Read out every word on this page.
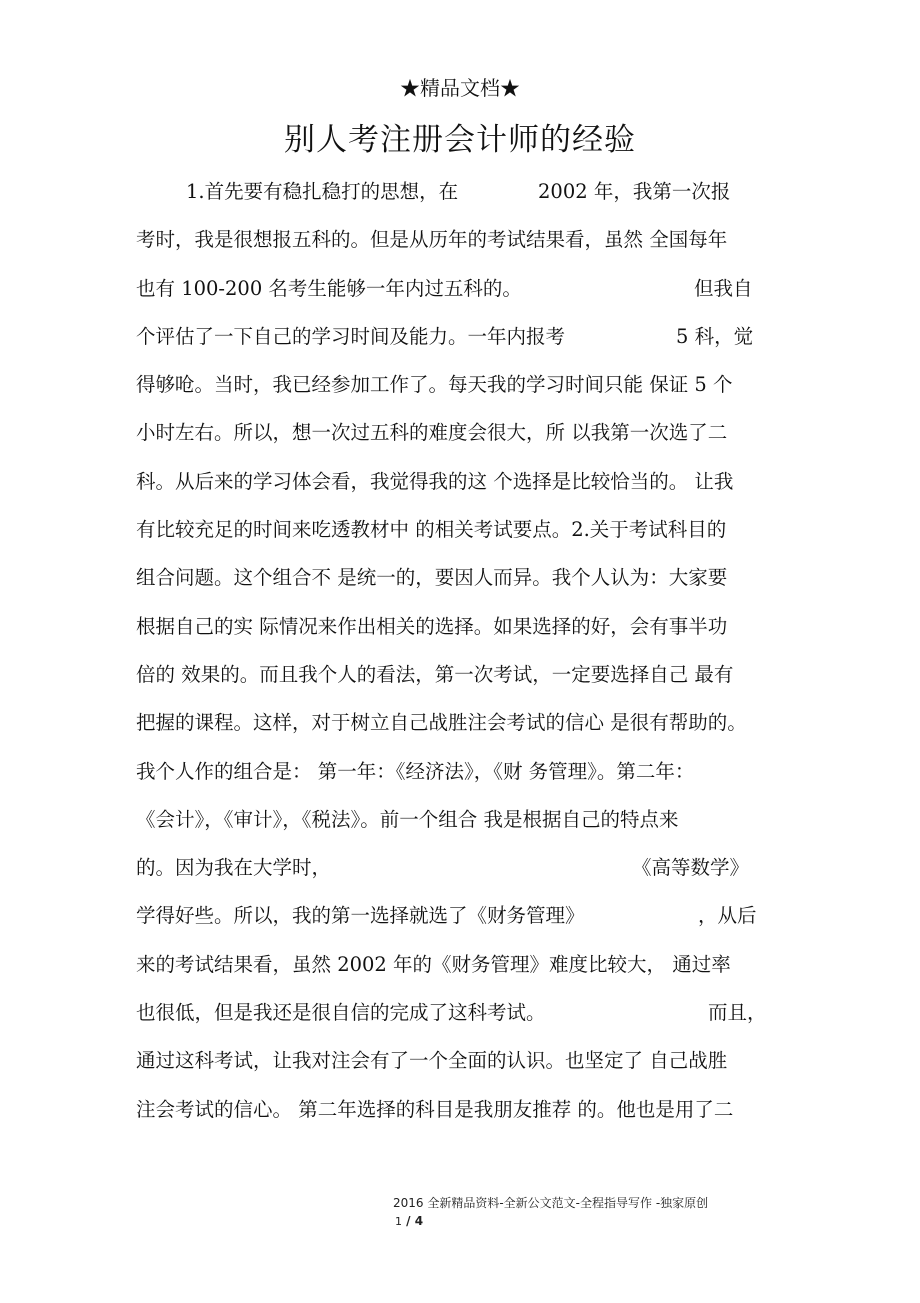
★精品文档★
别人考注册会计师的经验
1.首先要有稳扎稳打的思想，在	2002 年，我第一次报
考时，我是很想报五科的。但是从历年的考试结果看，虽然 全国每年
也有 100-200 名考生能够一年内过五科的。	但我自
个评估了一下自己的学习时间及能力。一年内报考	5 科，觉
得够呛。当时，我已经参加工作了。每天我的学习时间只能 保证 5 个
小时左右。所以，想一次过五科的难度会很大，所 以我第一次选了二
科。从后来的学习体会看，我觉得我的这 个选择是比较恰当的。 让我
有比较充足的时间来吃透教材中 的相关考试要点。2.关于考试科目的
组合问题。这个组合不 是统一的，要因人而异。我个人认为：大家要
根据自己的实 际情况来作出相关的选择。如果选择的好，会有事半功
倍的 效果的。而且我个人的看法，第一次考试，一定要选择自己 最有
把握的课程。这样，对于树立自己战胜注会考试的信心 是很有帮助的。
我个人作的组合是： 第一年：《经济法》，《财 务管理》。第二年：
《会计》，《审计》，《税法》。前一个组合 我是根据自己的特点来
的。因为我在大学时，	《高等数学》
学得好些。所以，我的第一选择就选了《财务管理》	，从后
来的考试结果看，虽然 2002 年的《财务管理》难度比较大， 通过率
也很低，但是我还是很自信的完成了这科考试。	而且，
通过这科考试，让我对注会有了一个全面的认识。也坚定了 自己战胜
注会考试的信心。 第二年选择的科目是我朋友推荐 的。他也是用了二
2016 全新精品资料-全新公文范文-全程指导写作 -独家原创
1 / 4
